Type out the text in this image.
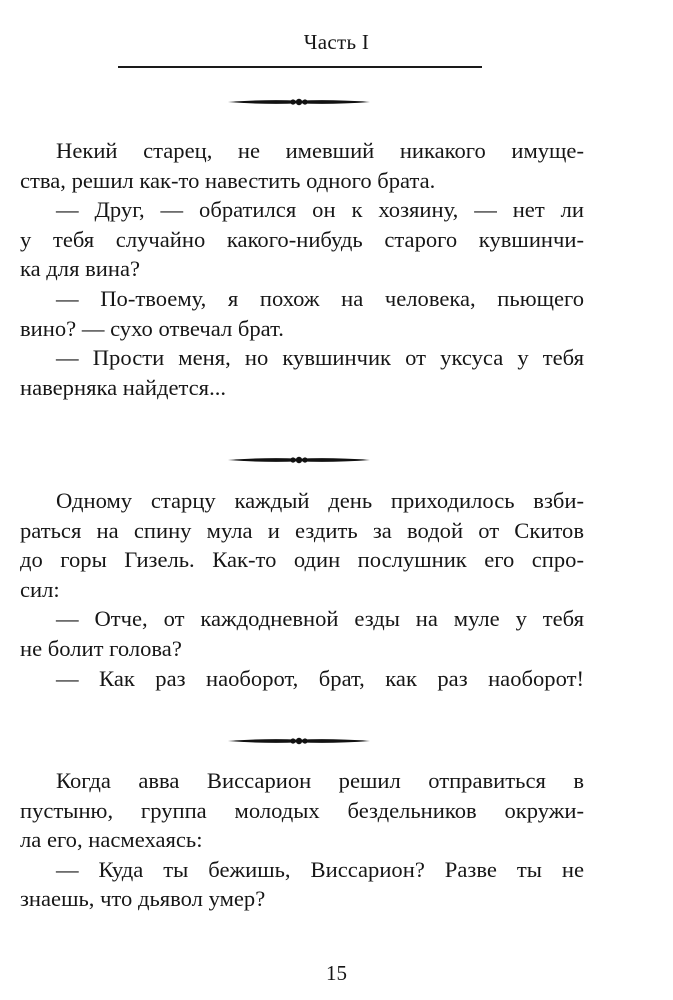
Часть I
Некий старец, не имевший никакого имуще-
ства, решил как-то навестить одного брата.
— Друг, — обратился он к хозяину, — нет ли
у тебя случайно какого-нибудь старого кувшинчи-
ка для вина?
— По-твоему, я похож на человека, пьющего
вино? — сухо отвечал брат.
— Прости меня, но кувшинчик от уксуса у тебя
наверняка найдется...
Одному старцу каждый день приходилось взби-
раться на спину мула и ездить за водой от Скитов
до горы Гизель. Как-то один послушник его спро-
сил:
— Отче, от каждодневной езды на муле у тебя
не болит голова?
— Как раз наоборот, брат, как раз наоборот!
Когда авва Виссарион решил отправиться в
пустыню, группа молодых бездельников окружи-
ла его, насмехаясь:
— Куда ты бежишь, Виссарион? Разве ты не
знаешь, что дьявол умер?
15
